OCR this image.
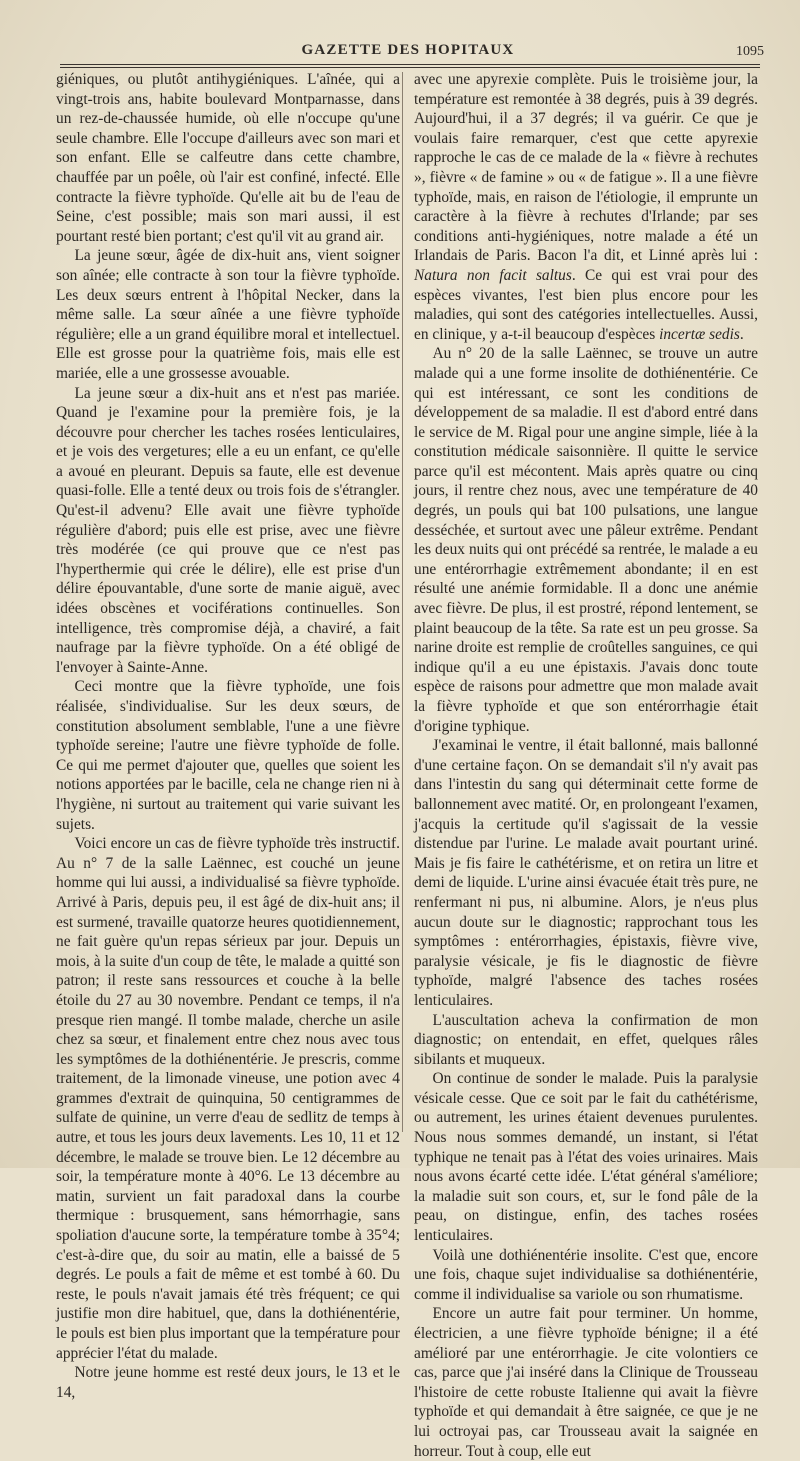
GAZETTE DES HOPITAUX	1095

giéniques, ou plutôt antihygiéniques. L'aînée, qui a vingt-trois ans, habite boulevard Montparnasse, dans un rez-de-chaussée humide, où elle n'occupe qu'une seule chambre. Elle l'occupe d'ailleurs avec son mari et son enfant. Elle se calfeutre dans cette chambre, chauffée par un poêle, où l'air est confiné, infecté. Elle contracte la fièvre typhoïde. Qu'elle ait bu de l'eau de Seine, c'est possible; mais son mari aussi, il est pourtant resté bien portant; c'est qu'il vit au grand air.

La jeune sœur, âgée de dix-huit ans, vient soigner son aînée; elle contracte à son tour la fièvre typhoïde. Les deux sœurs entrent à l'hôpital Necker, dans la même salle. La sœur aînée a une fièvre typhoïde régulière; elle a un grand équilibre moral et intellectuel. Elle est grosse pour la quatrième fois, mais elle est mariée, elle a une grossesse avouable.

La jeune sœur a dix-huit ans et n'est pas mariée. Quand je l'examine pour la première fois, je la découvre pour chercher les taches rosées lenticulaires, et je vois des vergetures; elle a eu un enfant, ce qu'elle a avoué en pleurant. Depuis sa faute, elle est devenue quasi-folle. Elle a tenté deux ou trois fois de s'étrangler. Qu'est-il advenu? Elle avait une fièvre typhoïde régulière d'abord; puis elle est prise, avec une fièvre très modérée (ce qui prouve que ce n'est pas l'hyperthermie qui crée le délire), elle est prise d'un délire épouvantable, d'une sorte de manie aiguë, avec idées obscènes et vociférations continuelles. Son intelligence, très compromise déjà, a chaviré, a fait naufrage par la fièvre typhoïde. On a été obligé de l'envoyer à Sainte-Anne.

Ceci montre que la fièvre typhoïde, une fois réalisée, s'individualise. Sur les deux sœurs, de constitution absolument semblable, l'une a une fièvre typhoïde sereine; l'autre une fièvre typhoïde de folle. Ce qui me permet d'ajouter que, quelles que soient les notions apportées par le bacille, cela ne change rien ni à l'hygiène, ni surtout au traitement qui varie suivant les sujets.

Voici encore un cas de fièvre typhoïde très instructif. Au n° 7 de la salle Laënnec, est couché un jeune homme qui lui aussi, a individualisé sa fièvre typhoïde. Arrivé à Paris, depuis peu, il est âgé de dix-huit ans; il est surmené, travaille quatorze heures quotidiennement, ne fait guère qu'un repas sérieux par jour. Depuis un mois, à la suite d'un coup de tête, le malade a quitté son patron; il reste sans ressources et couche à la belle étoile du 27 au 30 novembre. Pendant ce temps, il n'a presque rien mangé. Il tombe malade, cherche un asile chez sa sœur, et finalement entre chez nous avec tous les symptômes de la dothiénentérie. Je prescris, comme traitement, de la limonade vineuse, une potion avec 4 grammes d'extrait de quinquina, 50 centigrammes de sulfate de quinine, un verre d'eau de sedlitz de temps à autre, et tous les jours deux lavements. Les 10, 11 et 12 décembre, le malade se trouve bien. Le 12 décembre au soir, la température monte à 40°6. Le 13 décembre au matin, survient un fait paradoxal dans la courbe thermique : brusquement, sans hémorrhagie, sans spoliation d'aucune sorte, la température tombe à 35°4; c'est-à-dire que, du soir au matin, elle a baissé de 5 degrés. Le pouls a fait de même et est tombé à 60. Du reste, le pouls n'avait jamais été très fréquent; ce qui justifie mon dire habituel, que, dans la dothiénentérie, le pouls est bien plus important que la température pour apprécier l'état du malade.

Notre jeune homme est resté deux jours, le 13 et le 14,

avec une apyrexie complète. Puis le troisième jour, la température est remontée à 38 degrés, puis à 39 degrés. Aujourd'hui, il a 37 degrés; il va guérir. Ce que je voulais faire remarquer, c'est que cette apyrexie rapproche le cas de ce malade de la « fièvre à rechutes », fièvre « de famine » ou « de fatigue ». Il a une fièvre typhoïde, mais, en raison de l'étiologie, il emprunte un caractère à la fièvre à rechutes d'Irlande; par ses conditions anti-hygiéniques, notre malade a été un Irlandais de Paris. Bacon l'a dit, et Linné après lui : Natura non facit saltus. Ce qui est vrai pour des espèces vivantes, l'est bien plus encore pour les maladies, qui sont des catégories intellectuelles. Aussi, en clinique, y a-t-il beaucoup d'espèces incertæ sedis.

Au n° 20 de la salle Laënnec, se trouve un autre malade qui a une forme insolite de dothiénentérie. Ce qui est intéressant, ce sont les conditions de développement de sa maladie. Il est d'abord entré dans le service de M. Rigal pour une angine simple, liée à la constitution médicale saisonnière. Il quitte le service parce qu'il est mécontent. Mais après quatre ou cinq jours, il rentre chez nous, avec une température de 40 degrés, un pouls qui bat 100 pulsations, une langue desséchée, et surtout avec une pâleur extrême. Pendant les deux nuits qui ont précédé sa rentrée, le malade a eu une entérorrhagie extrêmement abondante; il en est résulté une anémie formidable. Il a donc une anémie avec fièvre. De plus, il est prostré, répond lentement, se plaint beaucoup de la tête. Sa rate est un peu grosse. Sa narine droite est remplie de croûtelles sanguines, ce qui indique qu'il a eu une épistaxis. J'avais donc toute espèce de raisons pour admettre que mon malade avait la fièvre typhoïde et que son entérorrhagie était d'origine typhique.

J'examinai le ventre, il était ballonné, mais ballonné d'une certaine façon. On se demandait s'il n'y avait pas dans l'intestin du sang qui déterminait cette forme de ballonnement avec matité. Or, en prolongeant l'examen, j'acquis la certitude qu'il s'agissait de la vessie distendue par l'urine. Le malade avait pourtant uriné. Mais je fis faire le cathétérisme, et on retira un litre et demi de liquide. L'urine ainsi évacuée était très pure, ne renfermant ni pus, ni albumine. Alors, je n'eus plus aucun doute sur le diagnostic; rapprochant tous les symptômes : entérorrhagies, épistaxis, fièvre vive, paralysie vésicale, je fis le diagnostic de fièvre typhoïde, malgré l'absence des taches rosées lenticulaires.

L'auscultation acheva la confirmation de mon diagnostic; on entendait, en effet, quelques râles sibilants et muqueux.

On continue de sonder le malade. Puis la paralysie vésicale cesse. Que ce soit par le fait du cathétérisme, ou autrement, les urines étaient devenues purulentes. Nous nous sommes demandé, un instant, si l'état typhique ne tenait pas à l'état des voies urinaires. Mais nous avons écarté cette idée. L'état général s'améliore; la maladie suit son cours, et, sur le fond pâle de la peau, on distingue, enfin, des taches rosées lenticulaires.

Voilà une dothiénentérie insolite. C'est que, encore une fois, chaque sujet individualise sa dothiénentérie, comme il individualise sa variole ou son rhumatisme.

Encore un autre fait pour terminer. Un homme, électricien, a une fièvre typhoïde bénigne; il a été amélioré par une entérorrhagie. Je cite volontiers ce cas, parce que j'ai inséré dans la Clinique de Trousseau l'histoire de cette robuste Italienne qui avait la fièvre typhoïde et qui demandait à être saignée, ce que je ne lui octroyai pas, car Trousseau avait la saignée en horreur. Tout à coup, elle eut
